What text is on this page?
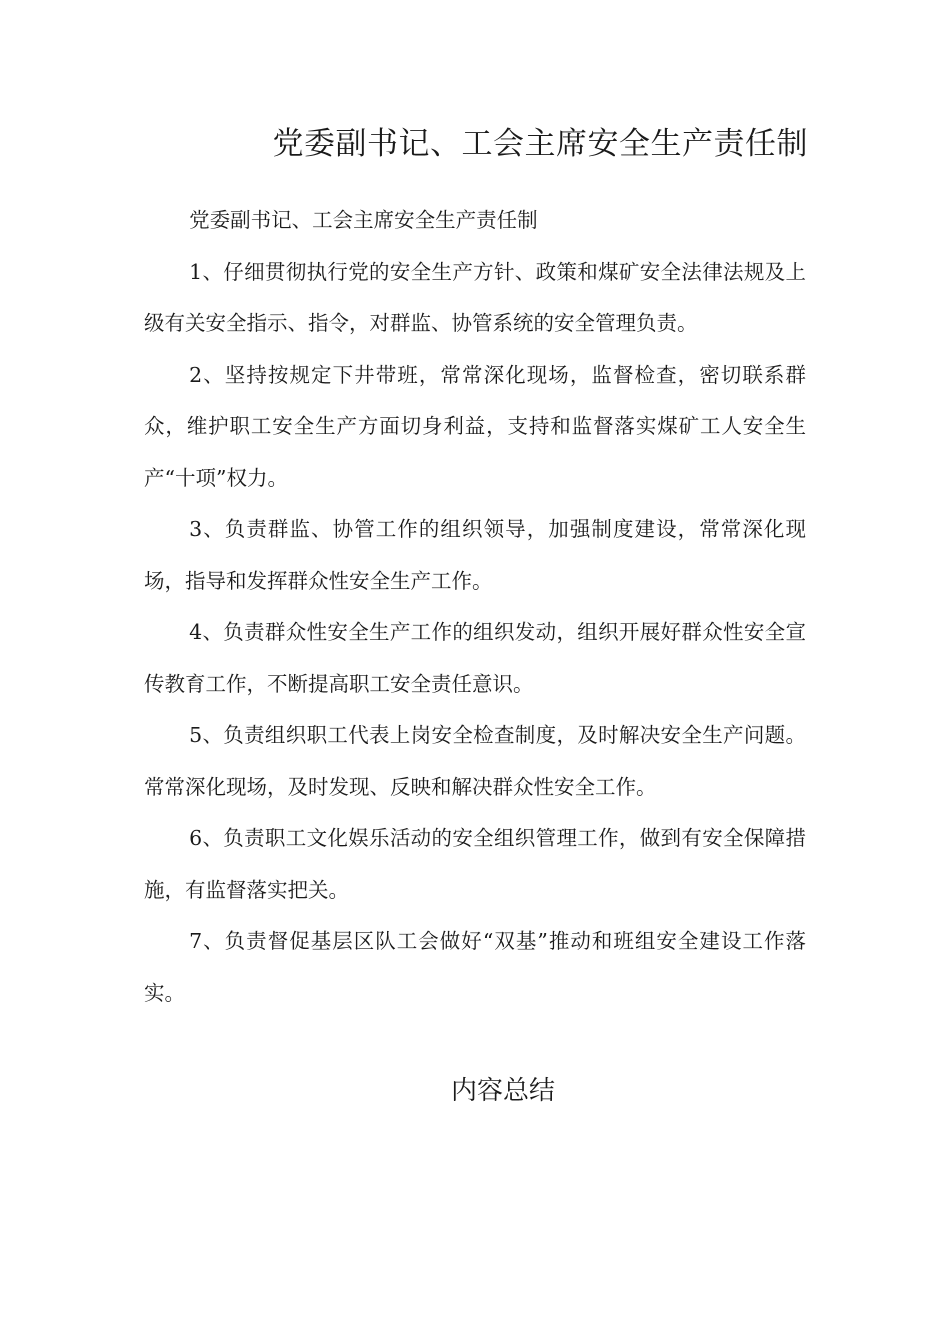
党委副书记、工会主席安全生产责任制

党委副书记、工会主席安全生产责任制

1、仔细贯彻执行党的安全生产方针、政策和煤矿安全法律法规及上级有关安全指示、指令，对群监、协管系统的安全管理负责。

2、坚持按规定下井带班，常常深化现场，监督检查，密切联系群众，维护职工安全生产方面切身利益，支持和监督落实煤矿工人安全生产“十项”权力。

3、负责群监、协管工作的组织领导，加强制度建设，常常深化现场，指导和发挥群众性安全生产工作。

4、负责群众性安全生产工作的组织发动，组织开展好群众性安全宣传教育工作，不断提高职工安全责任意识。

5、负责组织职工代表上岗安全检查制度，及时解决安全生产问题。常常深化现场，及时发现、反映和解决群众性安全工作。

6、负责职工文化娱乐活动的安全组织管理工作，做到有安全保障措施，有监督落实把关。

7、负责督促基层区队工会做好“双基”推动和班组安全建设工作落实。

内容总结
